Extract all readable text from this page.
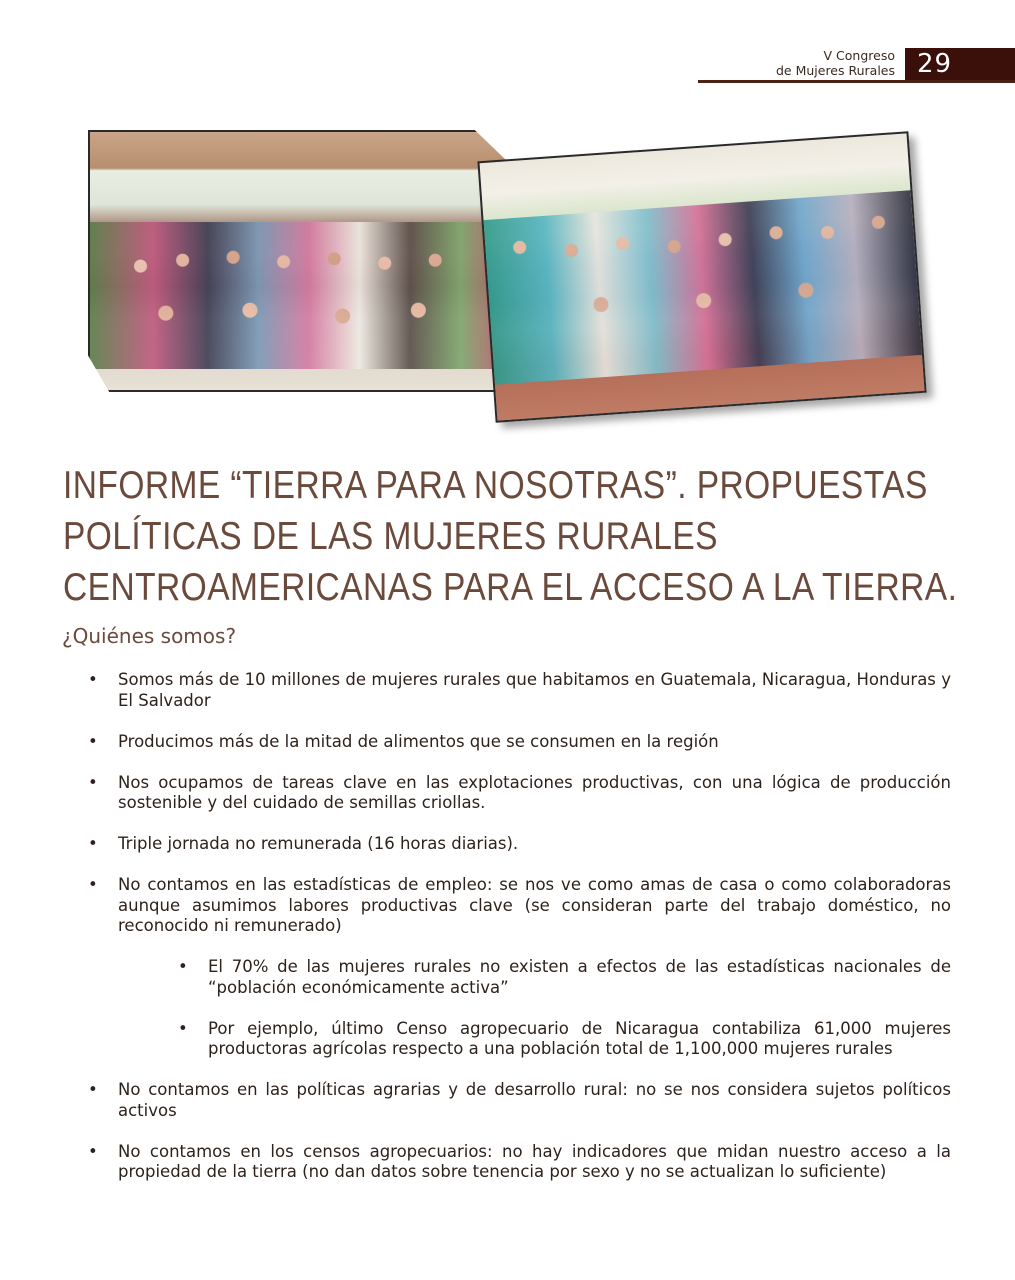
V Congreso
de Mujeres Rurales 29
INFORME “TIERRA PARA NOSOTRAS”. PROPUESTAS
POLÍTICAS DE LAS MUJERES RURALES
CENTROAMERICANAS PARA EL ACCESO A LA TIERRA.
¿Quiénes somos?
• Somos más de 10 millones de mujeres rurales que habitamos en Guatemala, Nicaragua, Honduras y El Salvador
• Producimos más de la mitad de alimentos que se consumen en la región
• Nos ocupamos de tareas clave en las explotaciones productivas, con una lógica de producción sostenible y del cuidado de semillas criollas.
• Triple jornada no remunerada (16 horas diarias).
• No contamos en las estadísticas de empleo: se nos ve como amas de casa o como colaboradoras aunque asumimos labores productivas clave (se consideran parte del trabajo doméstico, no reconocido ni remunerado)
• El 70% de las mujeres rurales no existen a efectos de las estadísticas nacionales de “población económicamente activa”
• Por ejemplo, último Censo agropecuario de Nicaragua contabiliza 61,000 mujeres productoras agrícolas respecto a una población total de 1,100,000 mujeres rurales
• No contamos en las políticas agrarias y de desarrollo rural: no se nos considera sujetos políticos activos
• No contamos en los censos agropecuarios: no hay indicadores que midan nuestro acceso a la propiedad de la tierra (no dan datos sobre tenencia por sexo y no se actualizan lo suficiente)
